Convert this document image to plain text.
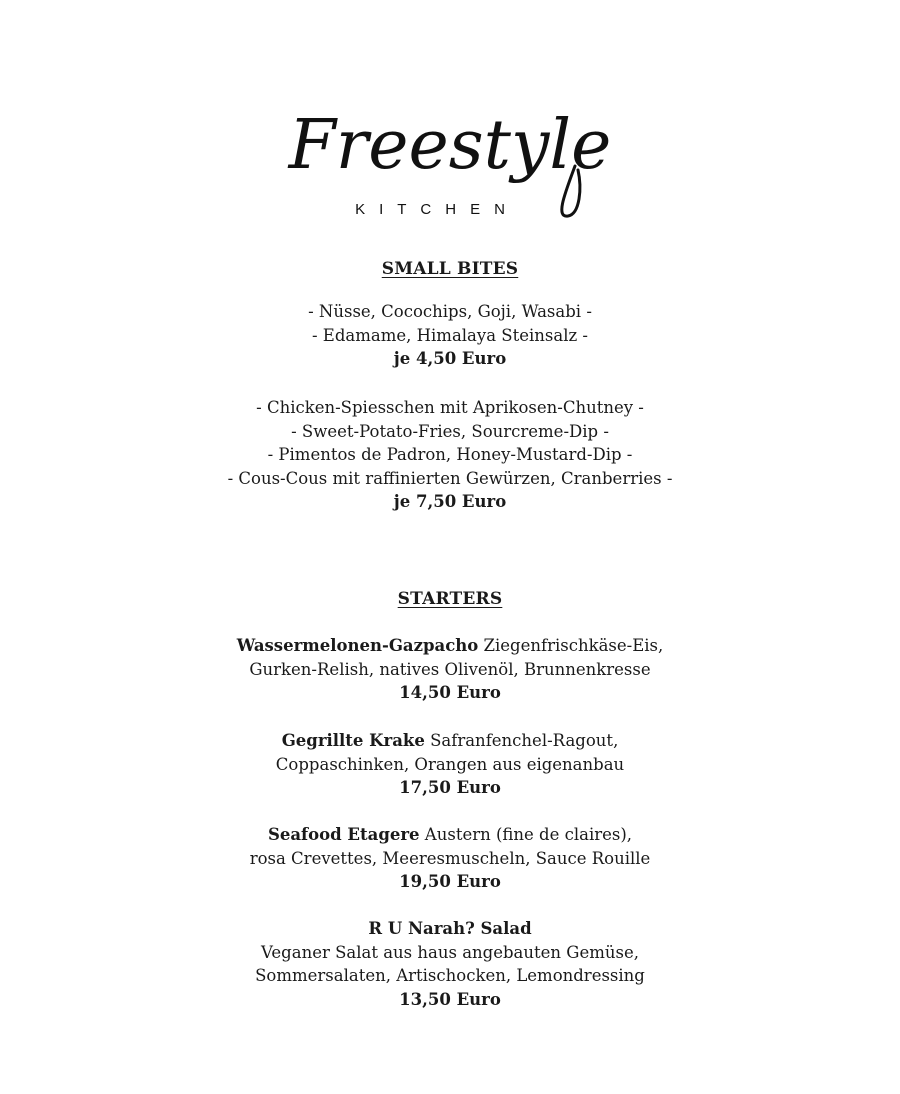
Freestyle
KITCHEN
SMALL BITES
- Nüsse, Cocochips, Goji, Wasabi -
- Edamame, Himalaya Steinsalz -
je 4,50 Euro
- Chicken-Spiesschen mit Aprikosen-Chutney -
- Sweet-Potato-Fries, Sourcreme-Dip -
- Pimentos de Padron, Honey-Mustard-Dip -
- Cous-Cous mit raffinierten Gewürzen, Cranberries -
je 7,50 Euro
STARTERS
Wassermelonen-Gazpacho Ziegenfrischkäse-Eis,
Gurken-Relish, natives Olivenöl, Brunnenkresse
14,50 Euro
Gegrillte Krake Safranfenchel-Ragout,
Coppaschinken, Orangen aus eigenanbau
17,50 Euro
Seafood Etagere Austern (fine de claires),
rosa Crevettes, Meeresmuscheln, Sauce Rouille
19,50 Euro
R U Narah? Salad
Veganer Salat aus haus angebauten Gemüse,
Sommersalaten, Artischocken, Lemondressing
13,50 Euro
